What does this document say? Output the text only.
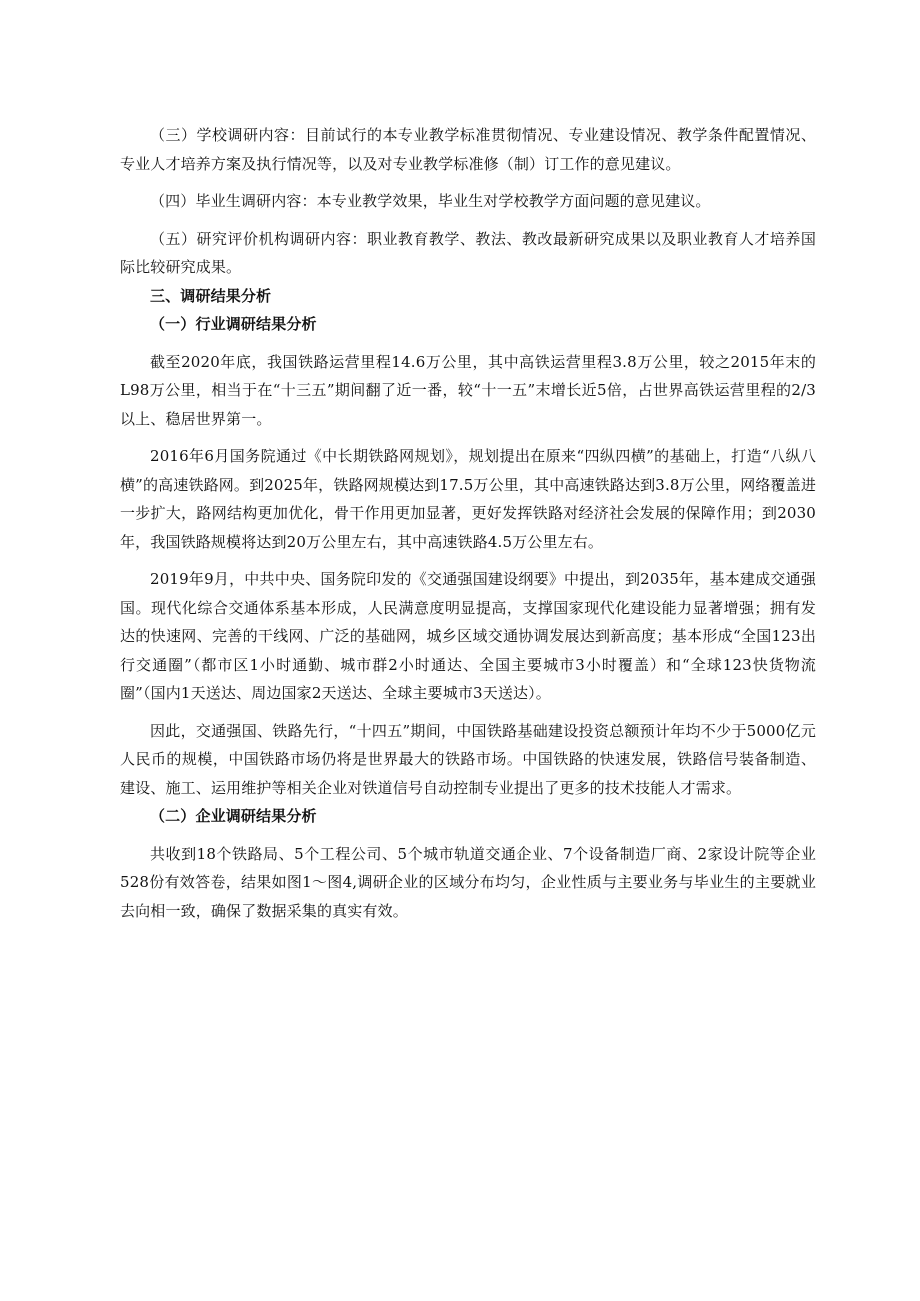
（三）学校调研内容：目前试行的本专业教学标准贯彻情况、专业建设情况、教学条件配置情况、专业人才培养方案及执行情况等，以及对专业教学标准修（制）订工作的意见建议。

（四）毕业生调研内容：本专业教学效果，毕业生对学校教学方面问题的意见建议。

（五）研究评价机构调研内容：职业教育教学、教法、教改最新研究成果以及职业教育人才培养国际比较研究成果。

三、调研结果分析

（一）行业调研结果分析

截至2020年底，我国铁路运营里程14.6万公里，其中高铁运营里程3.8万公里，较之2015年末的L98万公里，相当于在“十三五”期间翻了近一番，较“十一五”末增长近5倍，占世界高铁运营里程的2/3以上、稳居世界第一。

2016年6月国务院通过《中长期铁路网规划》，规划提出在原来“四纵四横”的基础上，打造“八纵八横”的高速铁路网。到2025年，铁路网规模达到17.5万公里，其中高速铁路达到3.8万公里，网络覆盖进一步扩大，路网结构更加优化，骨干作用更加显著，更好发挥铁路对经济社会发展的保障作用；到2030年，我国铁路规模将达到20万公里左右，其中高速铁路4.5万公里左右。

2019年9月，中共中央、国务院印发的《交通强国建设纲要》中提出，到2035年，基本建成交通强国。现代化综合交通体系基本形成，人民满意度明显提高，支撑国家现代化建设能力显著增强；拥有发达的快速网、完善的干线网、广泛的基础网，城乡区域交通协调发展达到新高度；基本形成“全国123出行交通圈”（都市区1小时通勤、城市群2小时通达、全国主要城市3小时覆盖）和“全球123快货物流圈”（国内1天送达、周边国家2天送达、全球主要城市3天送达）。

因此，交通强国、铁路先行，“十四五”期间，中国铁路基础建设投资总额预计年均不少于5000亿元人民币的规模，中国铁路市场仍将是世界最大的铁路市场。中国铁路的快速发展，铁路信号装备制造、建设、施工、运用维护等相关企业对铁道信号自动控制专业提出了更多的技术技能人才需求。

（二）企业调研结果分析

共收到18个铁路局、5个工程公司、5个城市轨道交通企业、7个设备制造厂商、2家设计院等企业528份有效答卷，结果如图1～图4,调研企业的区域分布均匀，企业性质与主要业务与毕业生的主要就业去向相一致，确保了数据采集的真实有效。
